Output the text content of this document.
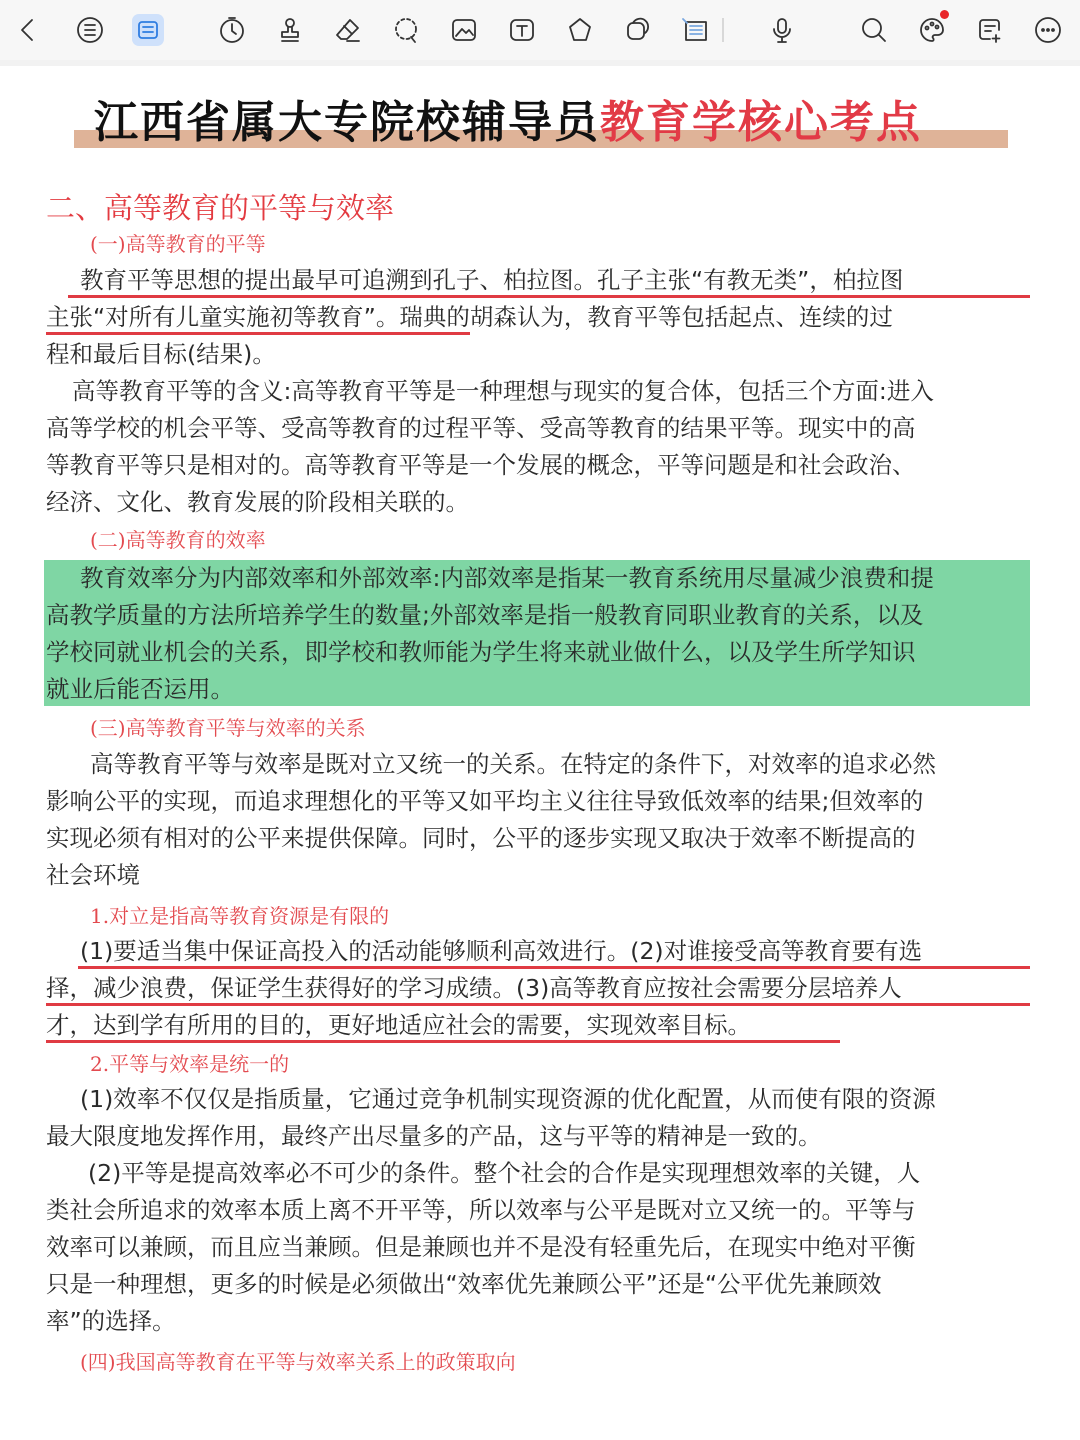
江西省属大专院校辅导员教育学核心考点
二、高等教育的平等与效率
(一)高等教育的平等
教育平等思想的提出最早可追溯到孔子、柏拉图。孔子主张“有教无类”，柏拉图
主张“对所有儿童实施初等教育”。瑞典的胡森认为，教育平等包括起点、连续的过
程和最后目标(结果)。
高等教育平等的含义:高等教育平等是一种理想与现实的复合体，包括三个方面:进入
高等学校的机会平等、受高等教育的过程平等、受高等教育的结果平等。现实中的高
等教育平等只是相对的。高等教育平等是一个发展的概念，平等问题是和社会政治、
经济、文化、教育发展的阶段相关联的。
(二)高等教育的效率
教育效率分为内部效率和外部效率:内部效率是指某一教育系统用尽量减少浪费和提
高教学质量的方法所培养学生的数量;外部效率是指一般教育同职业教育的关系，以及
学校同就业机会的关系，即学校和教师能为学生将来就业做什么，以及学生所学知识
就业后能否运用。
(三)高等教育平等与效率的关系
高等教育平等与效率是既对立又统一的关系。在特定的条件下，对效率的追求必然
影响公平的实现，而追求理想化的平等又如平均主义往往导致低效率的结果;但效率的
实现必须有相对的公平来提供保障。同时，公平的逐步实现又取决于效率不断提高的
社会环境
1.对立是指高等教育资源是有限的
(1)要适当集中保证高投入的活动能够顺利高效进行。(2)对谁接受高等教育要有选
择，减少浪费，保证学生获得好的学习成绩。(3)高等教育应按社会需要分层培养人
才，达到学有所用的目的，更好地适应社会的需要，实现效率目标。
2.平等与效率是统一的
(1)效率不仅仅是指质量，它通过竞争机制实现资源的优化配置，从而使有限的资源
最大限度地发挥作用，最终产出尽量多的产品，这与平等的精神是一致的。
(2)平等是提高效率必不可少的条件。整个社会的合作是实现理想效率的关键，人
类社会所追求的效率本质上离不开平等，所以效率与公平是既对立又统一的。平等与
效率可以兼顾，而且应当兼顾。但是兼顾也并不是没有轻重先后，在现实中绝对平衡
只是一种理想，更多的时候是必须做出“效率优先兼顾公平”还是“公平优先兼顾效
率”的选择。
(四)我国高等教育在平等与效率关系上的政策取向
